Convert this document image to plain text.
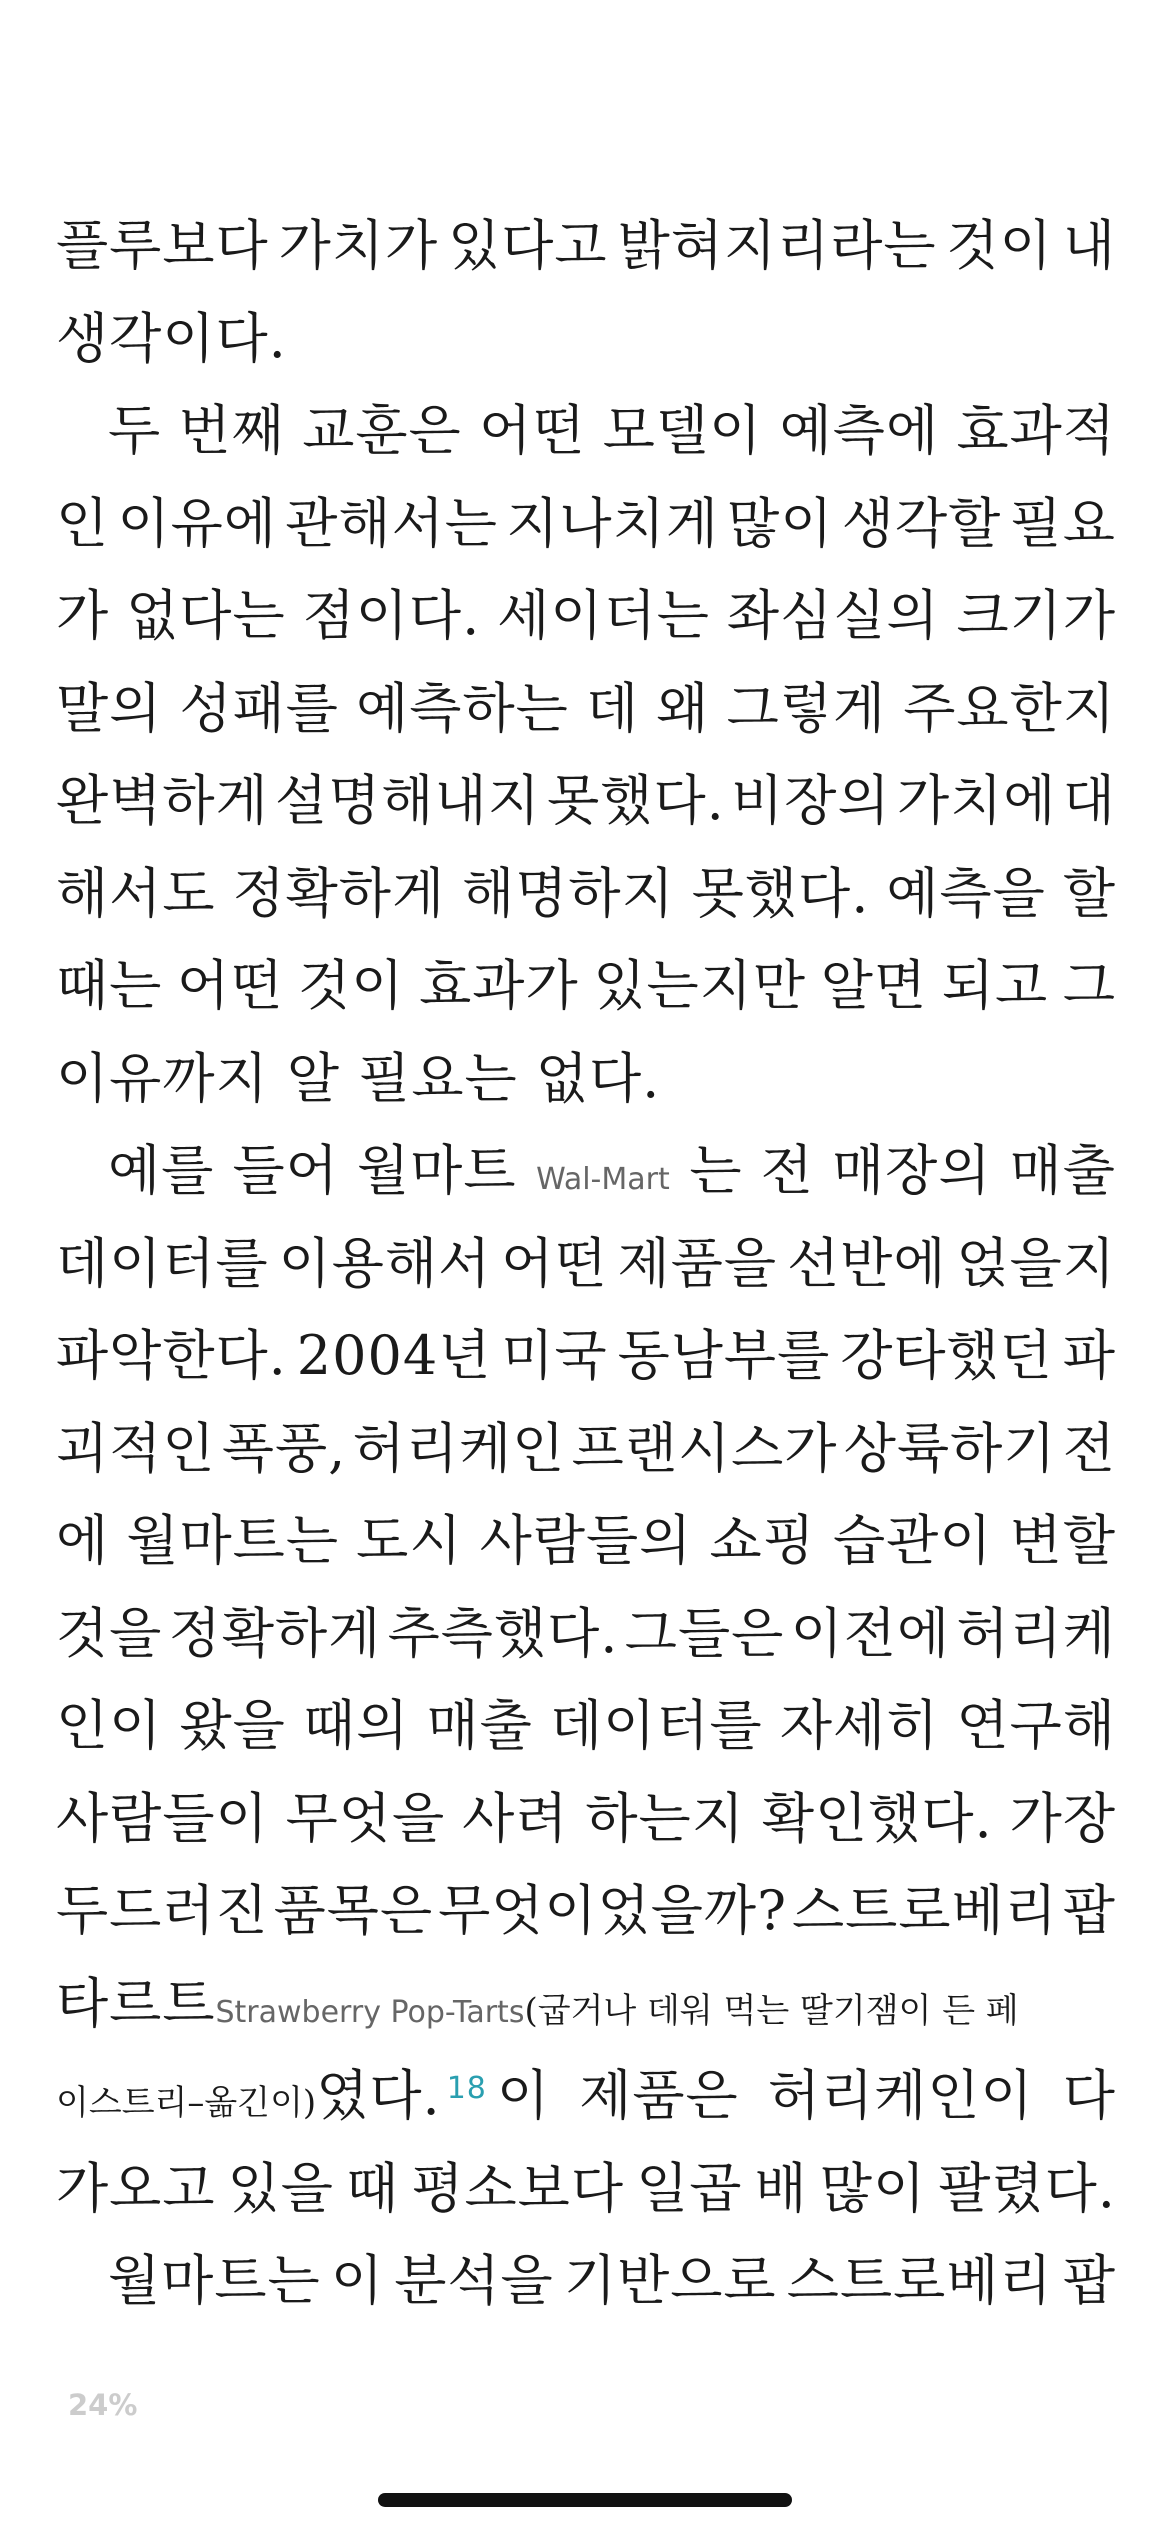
플루보다 가치가 있다고 밝혀지리라는 것이 내
생각이다.
두 번째 교훈은 어떤 모델이 예측에 효과적
인 이유에 관해서는 지나치게 많이 생각할 필요
가 없다는 점이다. 세이더는 좌심실의 크기가
말의 성패를 예측하는 데 왜 그렇게 주요한지
완벽하게 설명해내지 못했다. 비장의 가치에 대
해서도 정확하게 해명하지 못했다. 예측을 할
때는 어떤 것이 효과가 있는지만 알면 되고 그
이유까지 알 필요는 없다.
예를 들어 월마트 Wal-Mart 는 전 매장의 매출
데이터를 이용해서 어떤 제품을 선반에 얹을지
파악한다. 2004년 미국 동남부를 강타했던 파
괴적인 폭풍, 허리케인 프랜시스가 상륙하기 전
에 월마트는 도시 사람들의 쇼핑 습관이 변할
것을 정확하게 추측했다. 그들은 이전에 허리케
인이 왔을 때의 매출 데이터를 자세히 연구해
사람들이 무엇을 사려 하는지 확인했다. 가장
두드러진 품목은 무엇이었을까? 스트로베리 팝
타르트 Strawberry Pop-Tarts (굽거나 데워 먹는 딸기잼이 든 페
이스트리–옮긴이) 였다. 18 이 제품은 허리케인이 다
가오고 있을 때 평소보다 일곱 배 많이 팔렸다.
월마트는 이 분석을 기반으로 스트로베리 팝
24%
